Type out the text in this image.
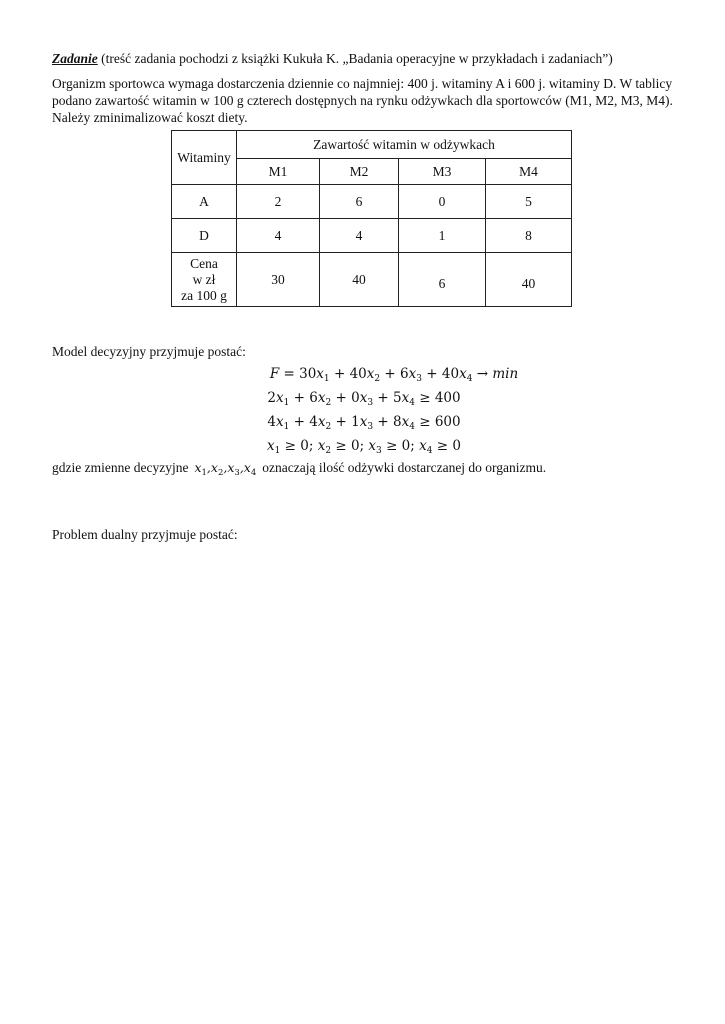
Zadanie (treść zadania pochodzi z książki Kukuła K. „Badania operacyjne w przykładach i zadaniach”)

Organizm sportowca wymaga dostarczenia dziennie co najmniej: 400 j. witaminy A i 600 j. witaminy D. W tablicy podano zawartość witamin w 100 g czterech dostępnych na rynku odżywkach dla sportowców (M1, M2, M3, M4). Należy zminimalizować koszt diety.

Witaminy	Zawartość witamin w odżywkach			
	M1	M2	M3	M4
A	2	6	0	5
D	4	4	1	8

Cena
w zł
za 100 g	30	40	6	40

Model decyzyjny przyjmuje postać:

$F = 30x_1 + 40x_2 + 6x_3 + 40x_4 \to \min$
$2x_1 + 6x_2 + 0x_3 + 5x_4 \ge 400$
$4x_1 + 4x_2 + 1x_3 + 8x_4 \ge 600$
$x_1 \ge 0$; $x_2 \ge 0$; $x_3 \ge 0$; $x_4 \ge 0$

gdzie zmienne decyzyjne $x_1,x_2,x_3,x_4$ oznaczają ilość odżywki dostarczanej do organizmu.

Problem dualny przyjmuje postać:
